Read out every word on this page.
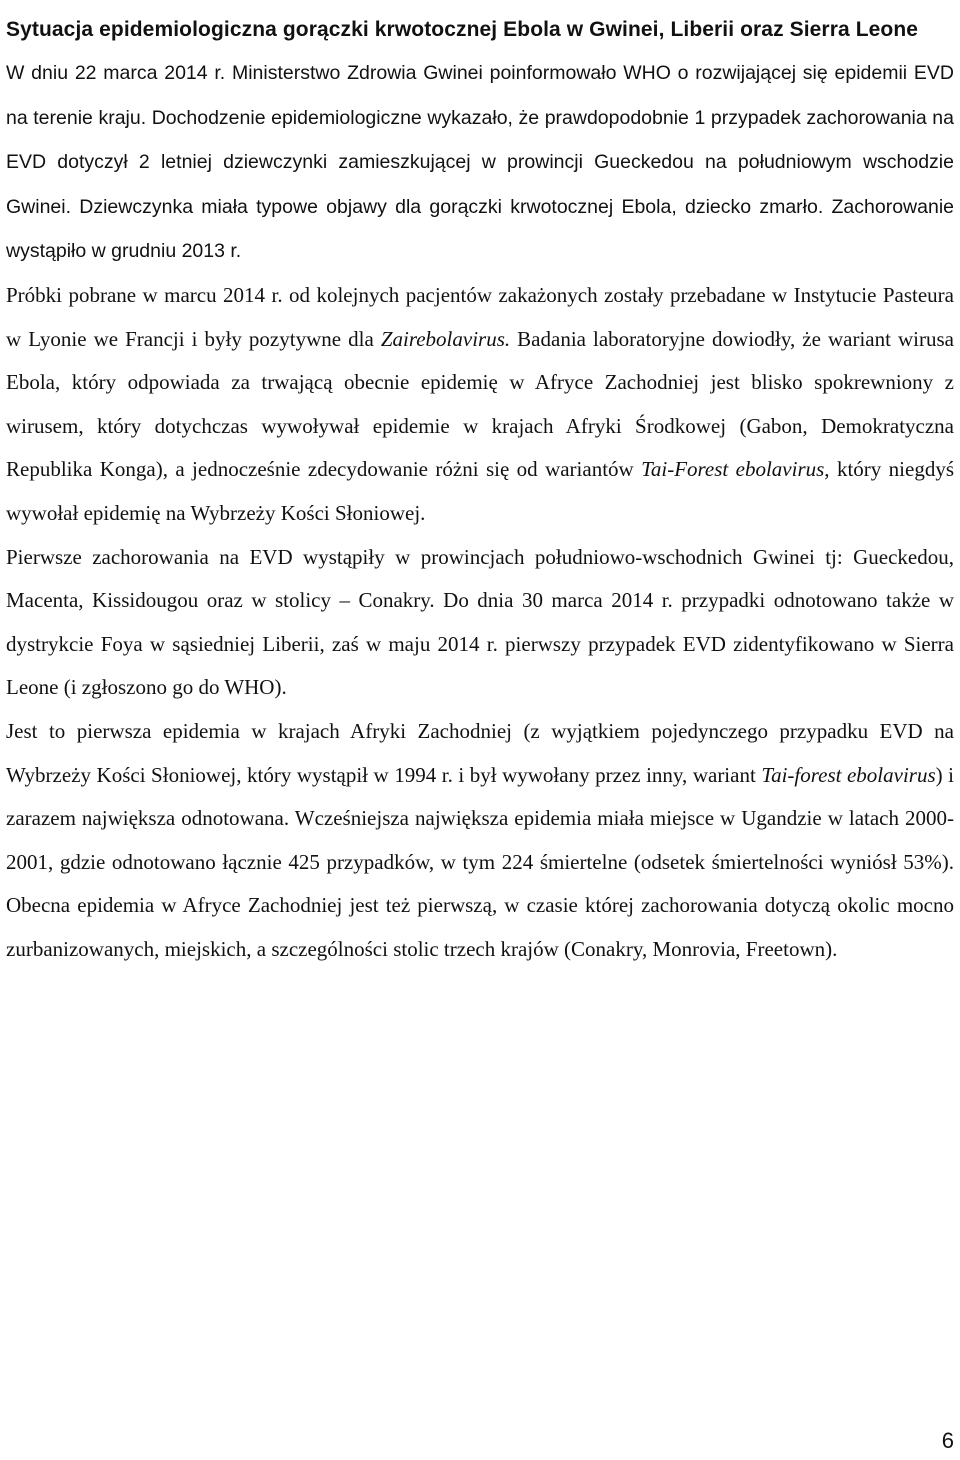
Sytuacja epidemiologiczna gorączki krwotocznej Ebola w Gwinei, Liberii oraz Sierra Leone

W dniu 22 marca 2014 r. Ministerstwo Zdrowia Gwinei poinformowało WHO o rozwijającej się epidemii EVD na terenie kraju. Dochodzenie epidemiologiczne wykazało, że prawdopodobnie 1 przypadek zachorowania na EVD dotyczył 2 letniej dziewczynki zamieszkującej w prowincji Gueckedou na południowym wschodzie Gwinei. Dziewczynka miała typowe objawy dla gorączki krwotocznej Ebola, dziecko zmarło. Zachorowanie wystąpiło w grudniu 2013 r.

Próbki pobrane w marcu 2014 r. od kolejnych pacjentów zakażonych zostały przebadane w Instytucie Pasteura w Lyonie we Francji i były pozytywne dla Zairebolavirus. Badania laboratoryjne dowiodły, że wariant wirusa Ebola, który odpowiada za trwającą obecnie epidemię w Afryce Zachodniej jest blisko spokrewniony z wirusem, który dotychczas wywoływał epidemie w krajach Afryki Środkowej (Gabon, Demokratyczna Republika Konga), a jednocześnie zdecydowanie różni się od wariantów Tai-Forest ebolavirus, który niegdyś wywołał epidemię na Wybrzeży Kości Słoniowej.

Pierwsze zachorowania na EVD wystąpiły w prowincjach południowo-wschodnich Gwinei tj: Gueckedou, Macenta, Kissidougou oraz w stolicy – Conakry. Do dnia 30 marca 2014 r. przypadki odnotowano także w dystrykcie Foya w sąsiedniej Liberii, zaś w maju 2014 r. pierwszy przypadek EVD zidentyfikowano w Sierra Leone (i zgłoszono go do WHO).

Jest to pierwsza epidemia w krajach Afryki Zachodniej (z wyjątkiem pojedynczego przypadku EVD na Wybrzeży Kości Słoniowej, który wystąpił w 1994 r. i był wywołany przez inny, wariant Tai-forest ebolavirus) i zarazem największa odnotowana. Wcześniejsza największa epidemia miała miejsce w Ugandzie w latach 2000-2001, gdzie odnotowano łącznie 425 przypadków, w tym 224 śmiertelne (odsetek śmiertelności wyniósł 53%). Obecna epidemia w Afryce Zachodniej jest też pierwszą, w czasie której zachorowania dotyczą okolic mocno zurbanizowanych, miejskich, a szczególności stolic trzech krajów (Conakry, Monrovia, Freetown).

6
